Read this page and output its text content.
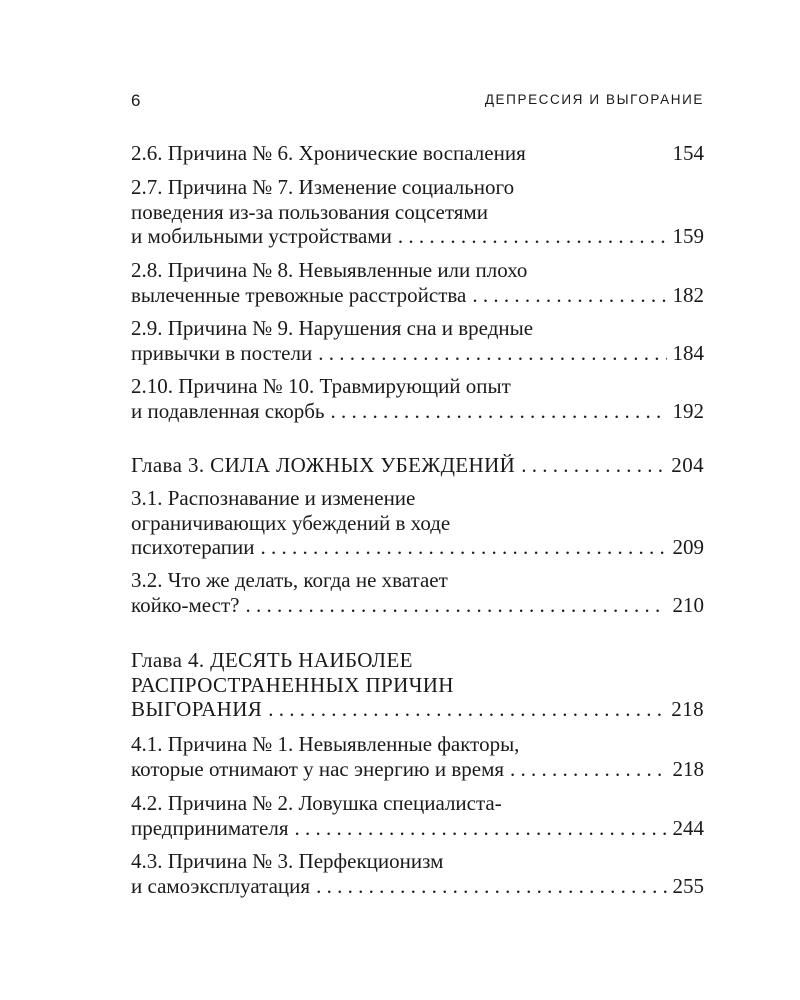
6	ДЕПРЕССИЯ И ВЫГОРАНИЕ
2.6. Причина № 6. Хронические воспаления	154
2.7. Причина № 7. Изменение социального
поведения из-за пользования соцсетями
и мобильными устройствами . . .	159
2.8. Причина № 8. Невыявленные или плохо
вылеченные тревожные расстройства . . .	182
2.9. Причина № 9. Нарушения сна и вредные
привычки в постели . . .	184
2.10. Причина № 10. Травмирующий опыт
и подавленная скорбь . . .	192
Глава 3. СИЛА ЛОЖНЫХ УБЕЖДЕНИЙ . . .	204
3.1. Распознавание и изменение
ограничивающих убеждений в ходе
психотерапии . . .	209
3.2. Что же делать, когда не хватает
койко-мест? . . .	210
Глава 4. ДЕСЯТЬ НАИБОЛЕЕ
РАСПРОСТРАНЕННЫХ ПРИЧИН
ВЫГОРАНИЯ . . .	218
4.1. Причина № 1. Невыявленные факторы,
которые отнимают у нас энергию и время . . .	218
4.2. Причина № 2. Ловушка специалиста-
предпринимателя . . .	244
4.3. Причина № 3. Перфекционизм
и самоэксплуатация . . .	255
